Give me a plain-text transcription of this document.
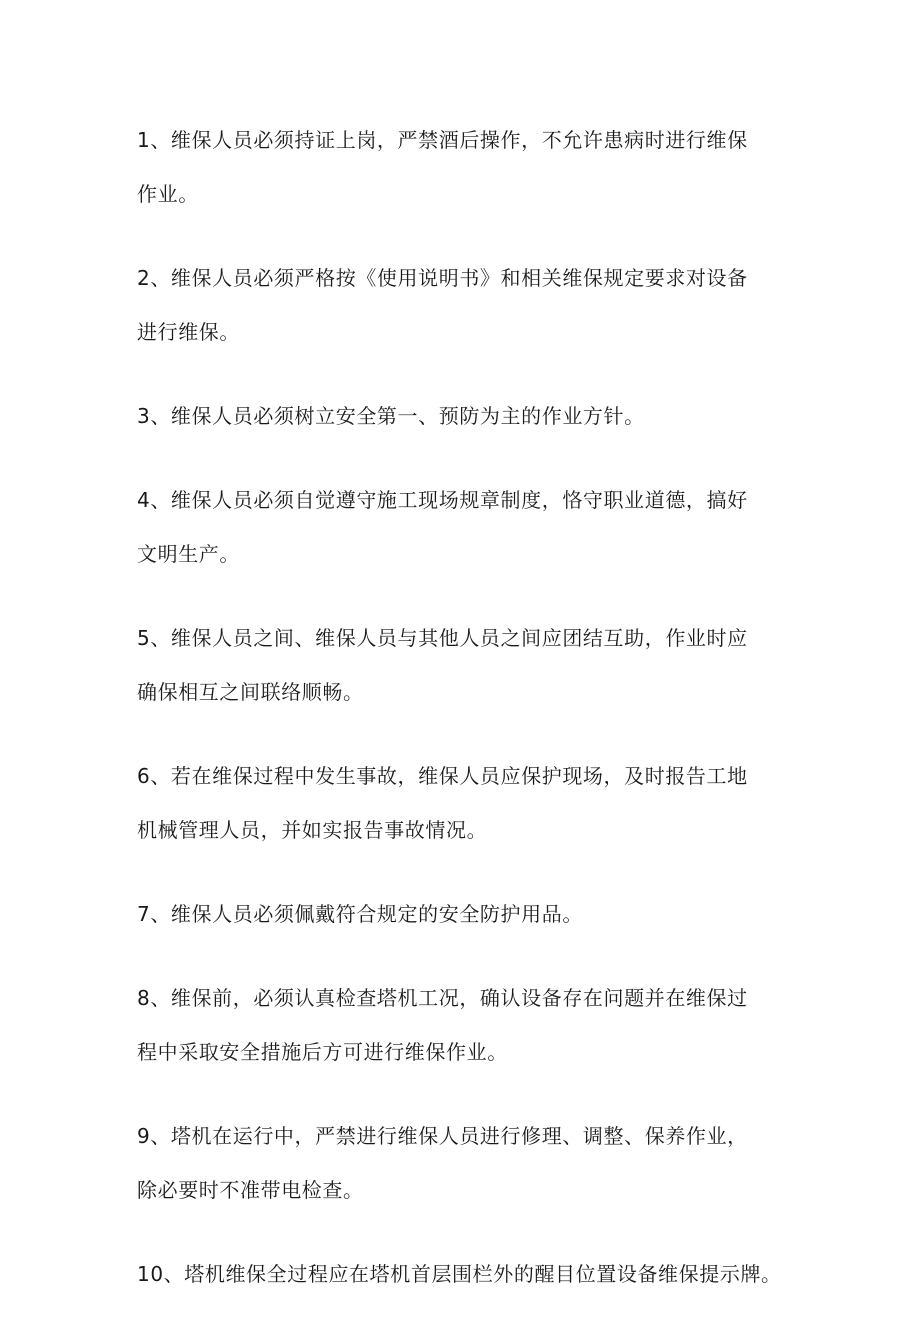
1、维保人员必须持证上岗，严禁酒后操作，不允许患病时进行维保
作业。

2、维保人员必须严格按《使用说明书》和相关维保规定要求对设备
进行维保。

3、维保人员必须树立安全第一、预防为主的作业方针。

4、维保人员必须自觉遵守施工现场规章制度，恪守职业道德，搞好
文明生产。

5、维保人员之间、维保人员与其他人员之间应团结互助，作业时应
确保相互之间联络顺畅。

6、若在维保过程中发生事故，维保人员应保护现场，及时报告工地
机械管理人员，并如实报告事故情况。

7、维保人员必须佩戴符合规定的安全防护用品。

8、维保前，必须认真检查塔机工况，确认设备存在问题并在维保过
程中采取安全措施后方可进行维保作业。

9、塔机在运行中，严禁进行维保人员进行修理、调整、保养作业，
除必要时不准带电检查。

10、塔机维保全过程应在塔机首层围栏外的醒目位置设备维保提示牌。
